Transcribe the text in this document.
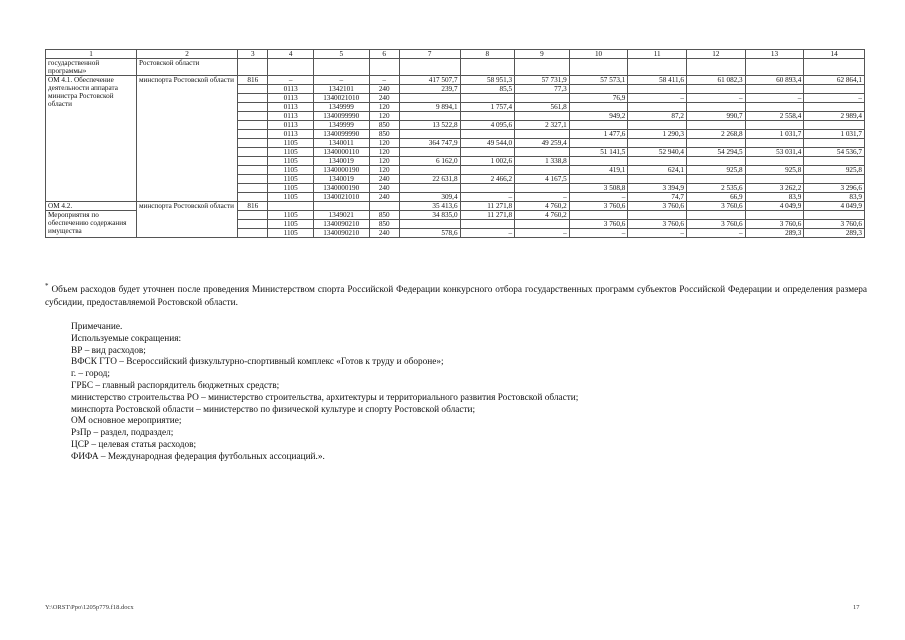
1	2	3	4	5	6	7	8	9	10	11	12	13	14
государственной программы»	Ростовской области												
ОМ 4.1. Обеспечение деятельности аппарата министра Ростовской области	минспорта Ростовской области	816	–	–	–	417 507,7	58 951,3	57 731,9	57 573,1	58 411,6	61 082,3	60 893,4	62 864,1
			0113	1342101	240	239,7	85,5	77,3					
			0113	1340021010	240				76,9	–	–	–	–
			0113	1349999	120	9 894,1	1 757,4	561,8					
			0113	1340099990	120				949,2	87,2	990,7	2 558,4	2 989,4
			0113	1349999	850	13 522,8	4 095,6	2 327,1					
			0113	1340099990	850				1 477,6	1 290,3	2 268,8	1 031,7	1 031,7
			1105	1340011	120	364 747,9	49 544,0	49 259,4					
			1105	1340000110	120				51 141,5	52 940,4	54 294,5	53 031,4	54 536,7
			1105	1340019	120	6 162,0	1 002,6	1 338,8					
			1105	1340000190	120				419,1	624,1	925,8	925,8	925,8
			1105	1340019	240	22 631,8	2 466,2	4 167,5					
			1105	1340000190	240				3 508,8	3 394,9	2 535,6	3 262,2	3 296,6
			1105	1340021010	240	309,4	–	–	–	74,7	66,9	83,9	83,9
ОМ 4.2.	минспорта Ростовской области	816				35 413,6	11 271,8	4 760,2	3 760,6	3 760,6	3 760,6	4 049,9	4 049,9
Мероприятия по обеспечению содержания имущества			1105	1349021	850	34 835,0	11 271,8	4 760,2					
			1105	1340090210	850				3 760,6	3 760,6	3 760,6	3 760,6	3 760,6
			1105	1340090210	240	578,6	–	–	–	–	–	289,3	289,3
* Объем расходов будет уточнен после проведения Министерством спорта Российской Федерации конкурсного отбора государственных программ субъектов Российской Федерации и определения размера субсидии, предоставляемой Ростовской области.
Примечание.
Используемые сокращения:
ВР – вид расходов;
ВФСК ГТО – Всероссийский физкультурно-спортивный комплекс «Готов к труду и обороне»;
г. – город;
ГРБС – главный распорядитель бюджетных средств;
министерство строительства РО – министерство строительства, архитектуры и территориального развития Ростовской области;
минспорта Ростовской области – министерство по физической культуре и спорту Ростовской области;
ОМ основное мероприятие;
РзПр – раздел, подраздел;
ЦСР – целевая статья расходов;
ФИФА – Международная федерация футбольных ассоциаций.».
Y:\ORST\Ppo\1205p779.f18.docx	17
